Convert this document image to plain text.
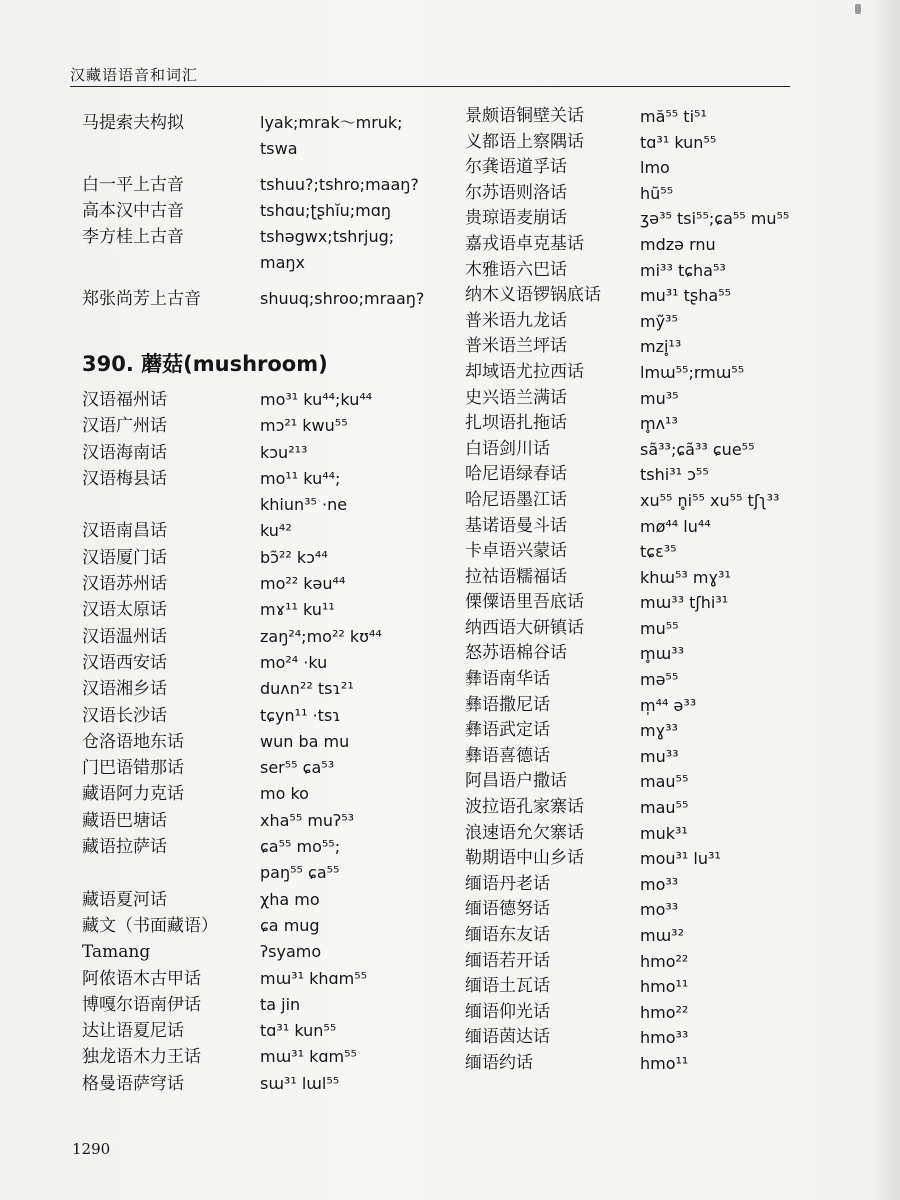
汉藏语语音和词汇
马提索夫构拟	lyak;mrak～mruk;
tswa
白一平上古音	tshuu?;tshro;maaŋ?
高本汉中古音	tshɑu;ʈʂhĭu;mɑŋ
李方桂上古音	tshəgwx;tshrjug;
maŋx
郑张尚芳上古音	shuuq;shroo;mraaŋ?
390. 蘑菇(mushroom)
汉语福州话	mo³¹ ku⁴⁴;ku⁴⁴
汉语广州话	mɔ²¹ kwu⁵⁵
汉语海南话	kɔu²¹³
汉语梅县话	mo¹¹ ku⁴⁴;
khiun³⁵ ·ne
汉语南昌话	ku⁴²
汉语厦门话	bɔ̃²² kɔ⁴⁴
汉语苏州话	mo²² kəu⁴⁴
汉语太原话	mɤ¹¹ ku¹¹
汉语温州话	zaŋ²⁴;mo²² kʊ⁴⁴
汉语西安话	mo²⁴ ·ku
汉语湘乡话	duʌn²² tsɿ²¹
汉语长沙话	tɕyn¹¹ ·tsɿ
仓洛语地东话	wun ba mu
门巴语错那话	ser⁵⁵ ɕa⁵³
藏语阿力克话	mo ko
藏语巴塘话	xha⁵⁵ muʔ⁵³
藏语拉萨话	ɕa⁵⁵ mo⁵⁵;
paŋ⁵⁵ ɕa⁵⁵
藏语夏河话	χha mo
藏文（书面藏语）	ɕa mug
Tamang	ʔsyamo
阿侬语木古甲话	mɯ³¹ khɑm⁵⁵
博嘎尔语南伊话	ta jin
达让语夏尼话	tɑ³¹ kun⁵⁵
独龙语木力王话	mɯ³¹ kɑm⁵⁵
格曼语萨穹话	sɯ³¹ lɯl⁵⁵
景颇语铜壁关话	mă⁵⁵ ti⁵¹
义都语上察隅话	tɑ³¹ kun⁵⁵
尔龚语道孚话	lmo
尔苏语则洛话	hũ⁵⁵
贵琼语麦崩话	ʒə³⁵ tsi⁵⁵;ɕa⁵⁵ mu⁵⁵
嘉戎语卓克基话	mdzə rnu
木雅语六巴话	mi³³ tɕha⁵³
纳木义语锣锅底话	mu³¹ tʂha⁵⁵
普米语九龙话	mỹ³⁵
普米语兰坪话	mzi̥¹³
却域语尤拉西话	lmɯ⁵⁵;rmɯ⁵⁵
史兴语兰满话	mu³⁵
扎坝语扎拖话	m̥ʌ¹³
白语剑川话	sã³³;ɕã³³ ɕue⁵⁵
哈尼语绿春话	tshi³¹ ɔ⁵⁵
哈尼语墨江话	xu⁵⁵ n̥i⁵⁵ xu⁵⁵ tʃʅ³³
基诺语曼斗话	mø⁴⁴ lu⁴⁴
卡卓语兴蒙话	tɕɛ³⁵
拉祜语糯福话	khɯ⁵³ mɣ³¹
傈僳语里吾底话	mɯ³³ tʃhi³¹
纳西语大研镇话	mu⁵⁵
怒苏语棉谷话	m̥ɯ³³
彝语南华话	mə⁵⁵
彝语撒尼话	m̩⁴⁴ ə³³
彝语武定话	mɣ³³
彝语喜德话	mu³³
阿昌语户撒话	mau⁵⁵
波拉语孔家寨话	mau⁵⁵
浪速语允欠寨话	muk³¹
勒期语中山乡话	mou³¹ lu³¹
缅语丹老话	mo³³
缅语德努话	mo³³
缅语东友话	mɯ³²
缅语若开话	hmo²²
缅语土瓦话	hmo¹¹
缅语仰光话	hmo²²
缅语茵达话	hmo³³
缅语约话	hmo¹¹
1290
